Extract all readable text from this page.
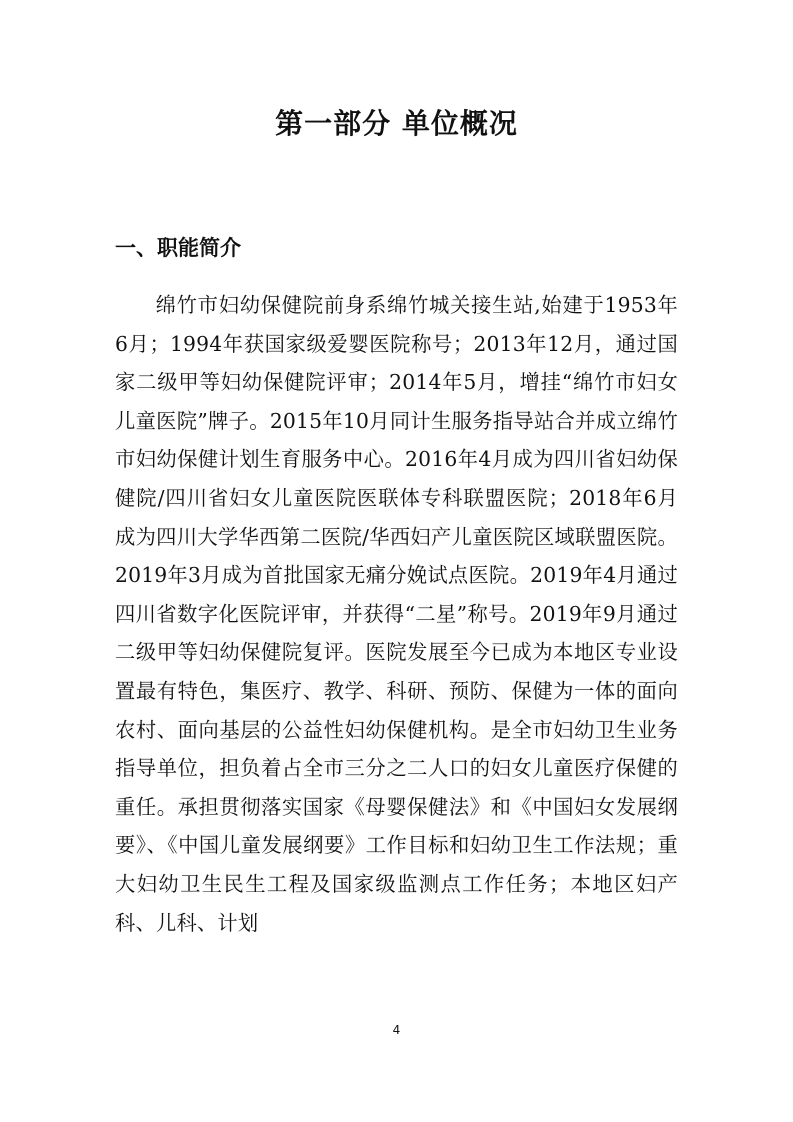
第一部分 单位概况
一、职能简介

绵竹市妇幼保健院前身系绵竹城关接生站,始建于1953年6月；1994年获国家级爱婴医院称号；2013年12月，通过国家二级甲等妇幼保健院评审；2014年5月，增挂“绵竹市妇女儿童医院”牌子。2015年10月同计生服务指导站合并成立绵竹市妇幼保健计划生育服务中心。2016年4月成为四川省妇幼保健院/四川省妇女儿童医院医联体专科联盟医院；2018年6月成为四川大学华西第二医院/华西妇产儿童医院区域联盟医院。2019年3月成为首批国家无痛分娩试点医院。2019年4月通过四川省数字化医院评审，并获得“二星”称号。2019年9月通过二级甲等妇幼保健院复评。医院发展至今已成为本地区专业设置最有特色，集医疗、教学、科研、预防、保健为一体的面向农村、面向基层的公益性妇幼保健机构。是全市妇幼卫生业务指导单位，担负着占全市三分之二人口的妇女儿童医疗保健的重任。承担贯彻落实国家《母婴保健法》和《中国妇女发展纲要》、《中国儿童发展纲要》工作目标和妇幼卫生工作法规；重大妇幼卫生民生工程及国家级监测点工作任务；本地区妇产科、儿科、计划

4
